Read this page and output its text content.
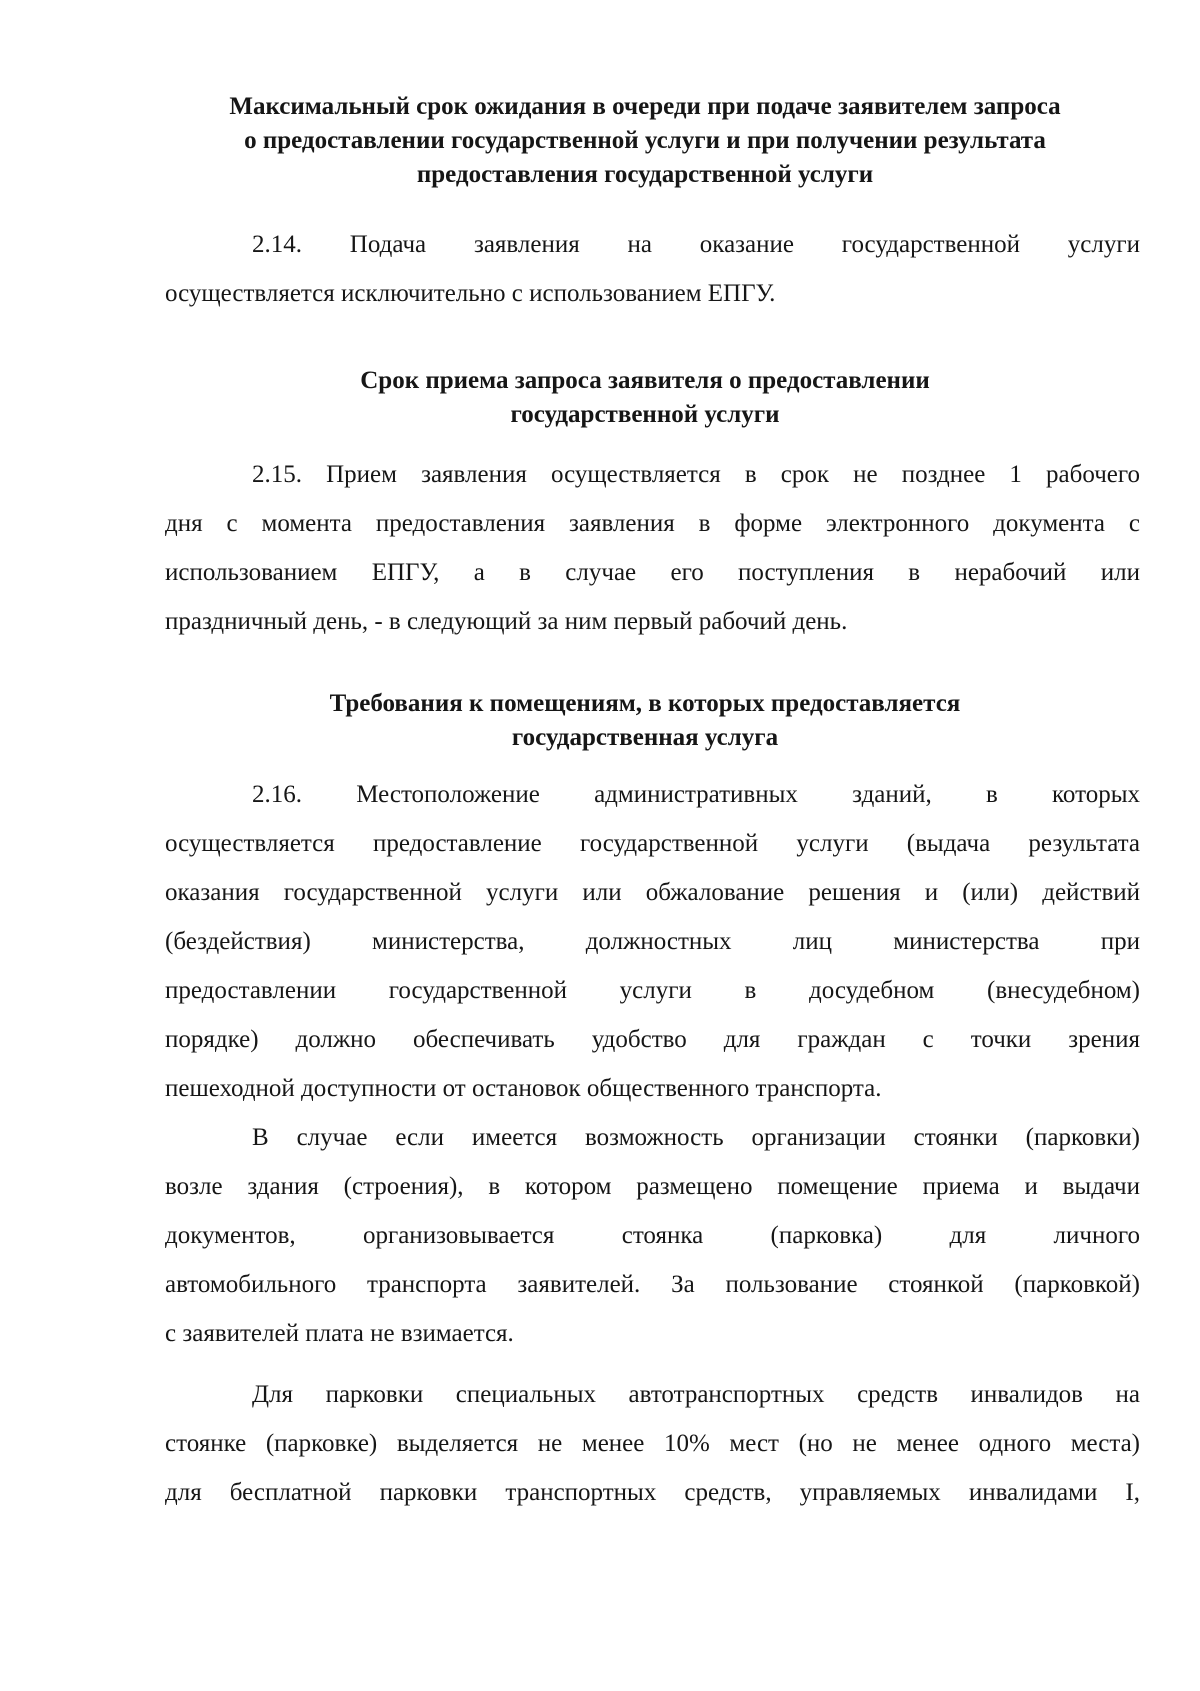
Максимальный срок ожидания в очереди при подаче заявителем запроса
о предоставлении государственной услуги и при получении результата
предоставления государственной услуги
2.14. Подача заявления на оказание государственной услуги
осуществляется исключительно с использованием ЕПГУ.
Срок приема запроса заявителя о предоставлении
государственной услуги
2.15. Прием заявления осуществляется в срок не позднее 1 рабочего
дня с момента предоставления заявления в форме электронного документа с
использованием ЕПГУ, а в случае его поступления в нерабочий или
праздничный день, - в следующий за ним первый рабочий день.
Требования к помещениям, в которых предоставляется
государственная услуга
2.16. Местоположение административных зданий, в которых
осуществляется предоставление государственной услуги (выдача результата
оказания государственной услуги или обжалование решения и (или) действий
(бездействия) министерства, должностных лиц министерства при
предоставлении государственной услуги в досудебном (внесудебном)
порядке) должно обеспечивать удобство для граждан с точки зрения
пешеходной доступности от остановок общественного транспорта.
В случае если имеется возможность организации стоянки (парковки)
возле здания (строения), в котором размещено помещение приема и выдачи
документов, организовывается стоянка (парковка) для личного
автомобильного транспорта заявителей. За пользование стоянкой (парковкой)
с заявителей плата не взимается.
Для парковки специальных автотранспортных средств инвалидов на
стоянке (парковке) выделяется не менее 10% мест (но не менее одного места)
для бесплатной парковки транспортных средств, управляемых инвалидами I,
